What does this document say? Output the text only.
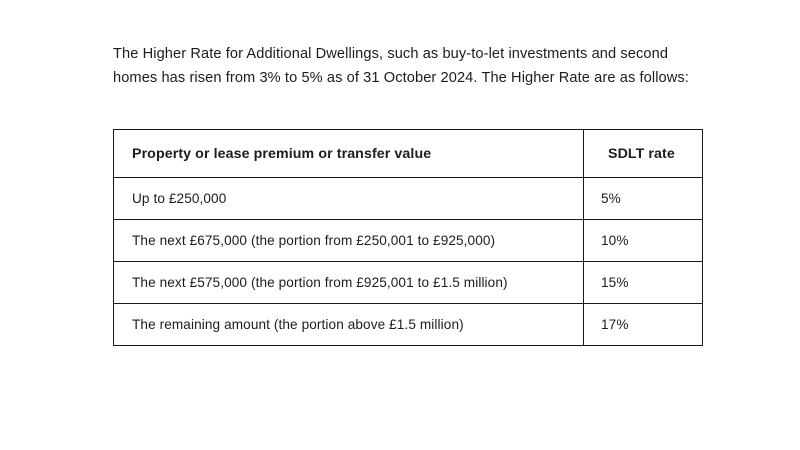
The Higher Rate for Additional Dwellings, such as buy-to-let investments and second homes has risen from 3% to 5% as of 31 October 2024. The Higher Rate are as follows:

Property or lease premium or transfer value	SDLT rate
Up to £250,000	5%
The next £675,000 (the portion from £250,001 to £925,000)	10%
The next £575,000 (the portion from £925,001 to £1.5 million)	15%
The remaining amount (the portion above £1.5 million)	17%
